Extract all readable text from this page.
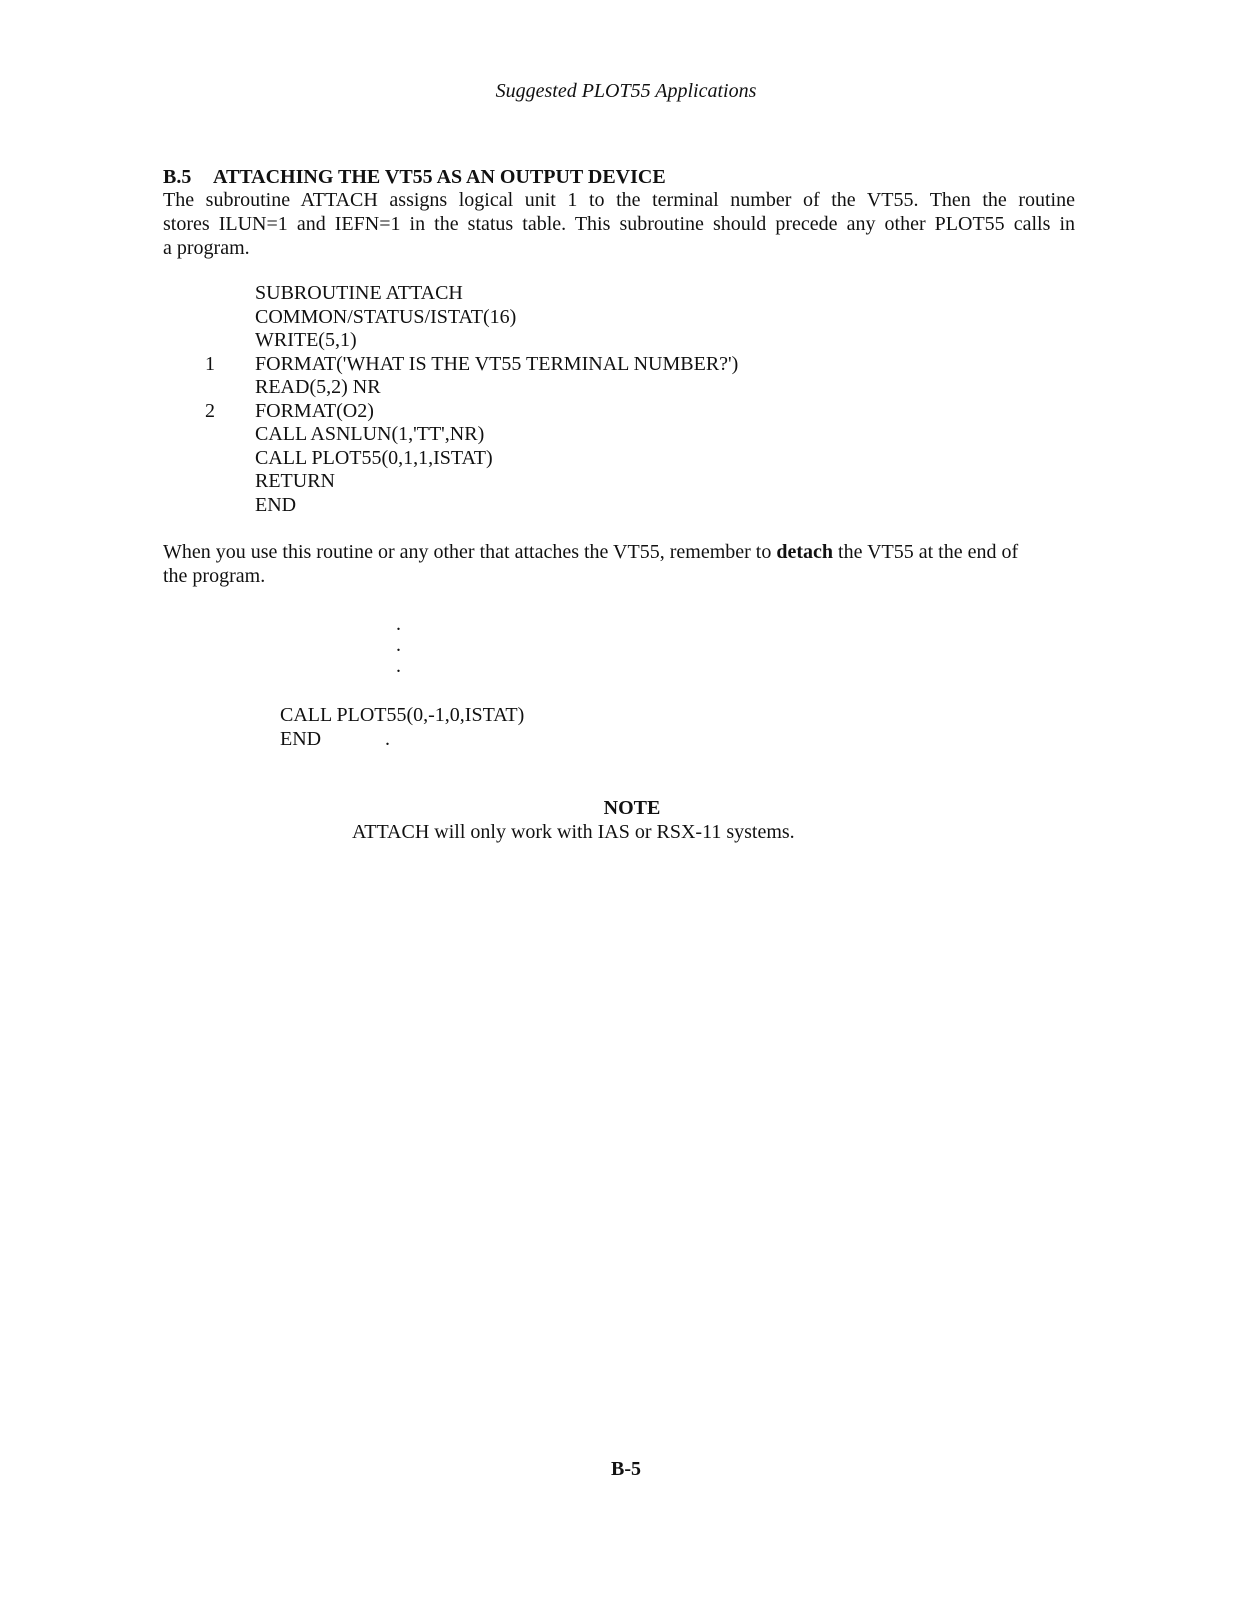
Suggested PLOT55 Applications
B.5 ATTACHING THE VT55 AS AN OUTPUT DEVICE

The subroutine ATTACH assigns logical unit 1 to the terminal number of the VT55. Then the routine

stores ILUN=1 and IEFN=1 in the status table. This subroutine should precede any other PLOT55 calls in

a program.

SUBROUTINE ATTACH
COMMON/STATUS/ISTAT(16)
WRITE(5,1)
1	FORMAT('WHAT IS THE VT55 TERMINAL NUMBER?')
READ(5,2) NR
2	FORMAT(O2)
CALL ASNLUN(1,'TT',NR)
CALL PLOT55(0,1,1,ISTAT)
RETURN
END

When you use this routine or any other that attaches the VT55, remember to detach the VT55 at the end of

the program.

.
.
.
CALL PLOT55(0,-1,0,ISTAT)
END	.
NOTE
ATTACH will only work with IAS or RSX-11 systems.
B-5
